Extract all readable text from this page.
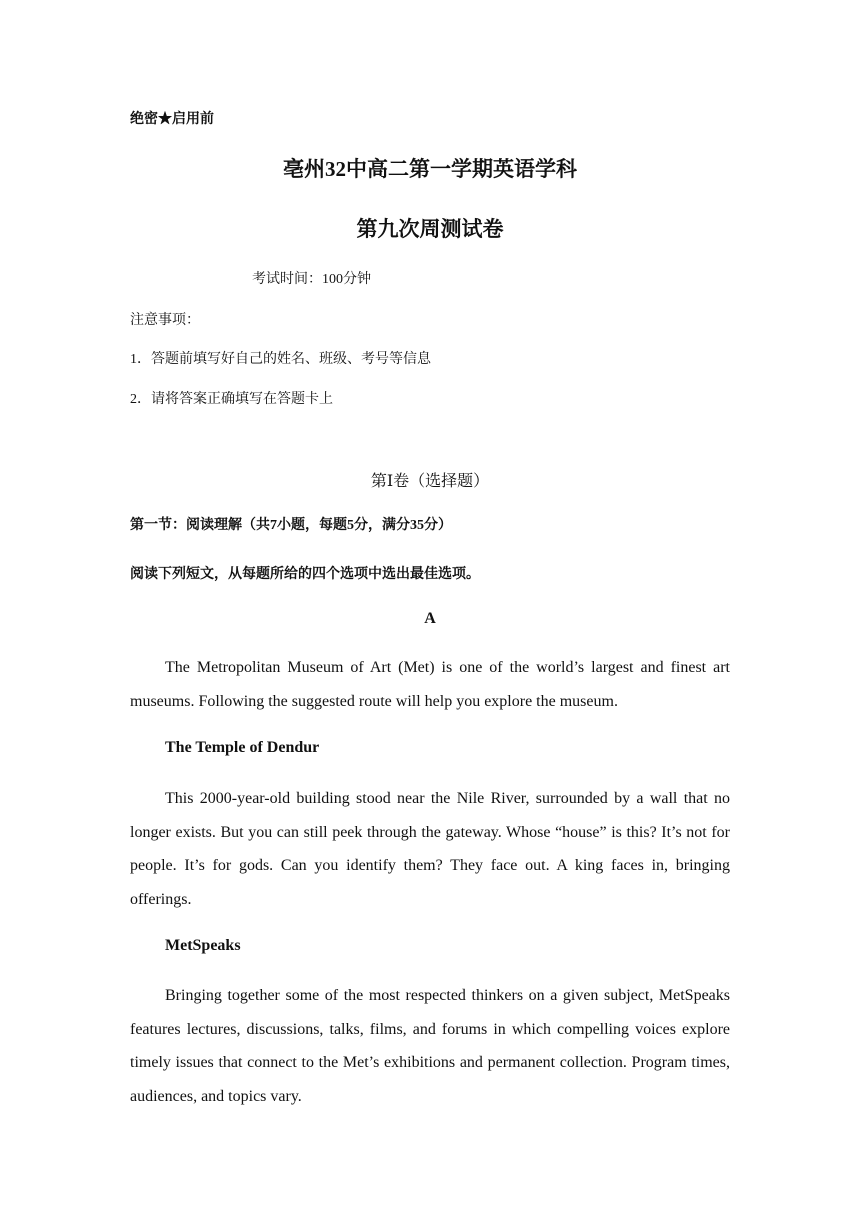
绝密★启用前
亳州32中高二第一学期英语学科
第九次周测试卷
考试时间：100分钟
注意事项：
1．答题前填写好自己的姓名、班级、考号等信息
2．请将答案正确填写在答题卡上
第Ⅰ卷（选择题）
第一节：阅读理解（共7小题，每题5分，满分35分）
阅读下列短文，从每题所给的四个选项中选出最佳选项。
A
The Metropolitan Museum of Art (Met) is one of the world’s largest and finest art museums. Following the suggested route will help you explore the museum.
The Temple of Dendur
This 2000-year-old building stood near the Nile River, surrounded by a wall that no longer exists. But you can still peek through the gateway. Whose “house” is this? It’s not for people. It’s for gods. Can you identify them? They face out. A king faces in, bringing offerings.
MetSpeaks
Bringing together some of the most respected thinkers on a given subject, MetSpeaks features lectures, discussions, talks, films, and forums in which compelling voices explore timely issues that connect to the Met’s exhibitions and permanent collection. Program times, audiences, and topics vary.
